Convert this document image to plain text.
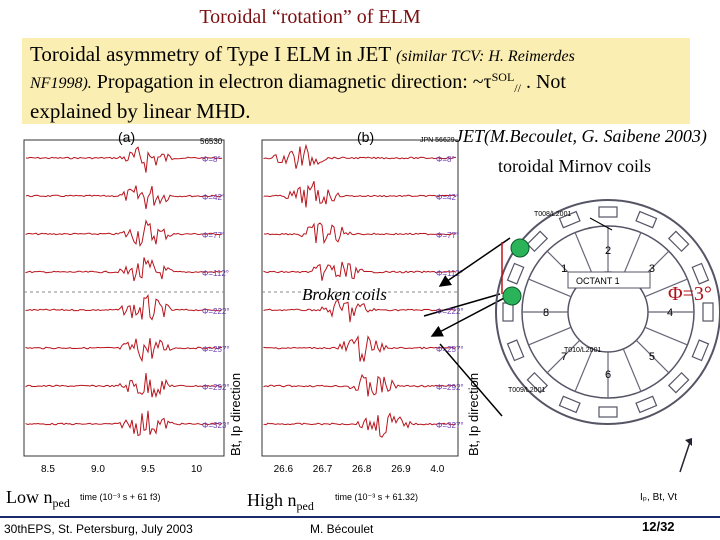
Toroidal “rotation” of ELM
Toroidal asymmetry of Type I ELM in JET (similar TCV: H. Reimerdes
NF1998). Propagation in electron diamagnetic direction: $\sim\tau^{SOL}_{//}$ . Not
explained by linear MHD.
(a)	56530	(b)	JPN 56629
Bt, Ip direction	Bt, Ip direction
time (10⁻³ s + 61 f3)	time (10⁻³ s + 61.32)
8.5	9.0	9.5	10	26.6 26.7 26.8 26.9 4.0
Φ=8°
Φ=42°
Φ=77°
Φ=112°
Φ=222°
Φ=257°
Φ=292°
Φ=323°
Φ=8°
Φ=42°
Φ=77°
Φ=112°
Φ=222°
Φ=257°
Φ=292°
Φ=327°
OCTANT 1
T008/L2001
T010/L2001
T009/L2001
1
2
3
4
5
6
7
8
Iₚ, Bt, Vt
JET(M.Becoulet, G. Saibene 2003)
toroidal Mirnov coils
Broken coils	Φ=3°
Low $n_{ped}$	High $n_{ped}$
30thEPS, St. Petersburg, July 2003	M. Bécoulet	12/32
